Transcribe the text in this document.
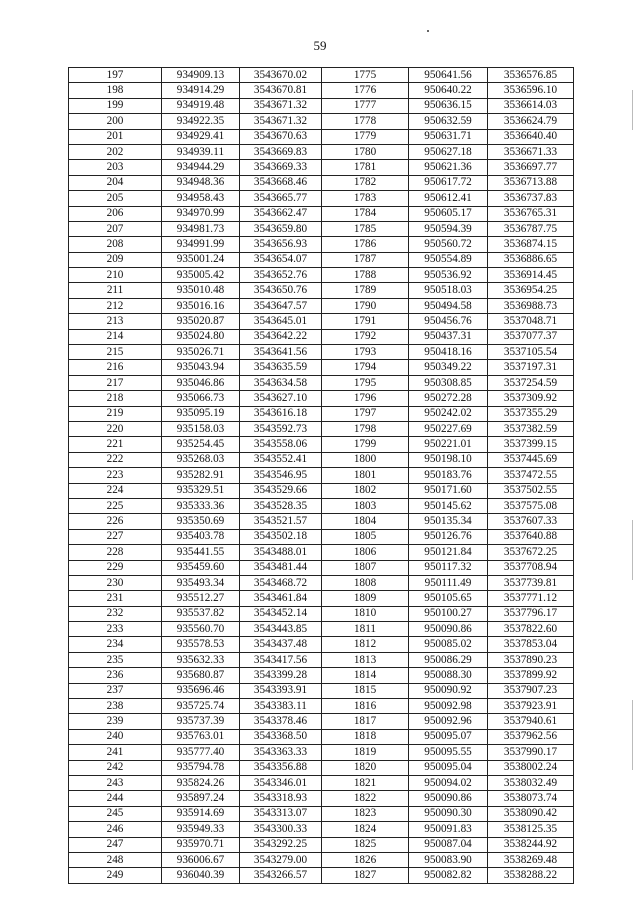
59
197	934909.13	3543670.02	1775	950641.56	3536576.85
198	934914.29	3543670.81	1776	950640.22	3536596.10
199	934919.48	3543671.32	1777	950636.15	3536614.03
200	934922.35	3543671.32	1778	950632.59	3536624.79
201	934929.41	3543670.63	1779	950631.71	3536640.40
202	934939.11	3543669.83	1780	950627.18	3536671.33
203	934944.29	3543669.33	1781	950621.36	3536697.77
204	934948.36	3543668.46	1782	950617.72	3536713.88
205	934958.43	3543665.77	1783	950612.41	3536737.83
206	934970.99	3543662.47	1784	950605.17	3536765.31
207	934981.73	3543659.80	1785	950594.39	3536787.75
208	934991.99	3543656.93	1786	950560.72	3536874.15
209	935001.24	3543654.07	1787	950554.89	3536886.65
210	935005.42	3543652.76	1788	950536.92	3536914.45
211	935010.48	3543650.76	1789	950518.03	3536954.25
212	935016.16	3543647.57	1790	950494.58	3536988.73
213	935020.87	3543645.01	1791	950456.76	3537048.71
214	935024.80	3543642.22	1792	950437.31	3537077.37
215	935026.71	3543641.56	1793	950418.16	3537105.54
216	935043.94	3543635.59	1794	950349.22	3537197.31
217	935046.86	3543634.58	1795	950308.85	3537254.59
218	935066.73	3543627.10	1796	950272.28	3537309.92
219	935095.19	3543616.18	1797	950242.02	3537355.29
220	935158.03	3543592.73	1798	950227.69	3537382.59
221	935254.45	3543558.06	1799	950221.01	3537399.15
222	935268.03	3543552.41	1800	950198.10	3537445.69
223	935282.91	3543546.95	1801	950183.76	3537472.55
224	935329.51	3543529.66	1802	950171.60	3537502.55
225	935333.36	3543528.35	1803	950145.62	3537575.08
226	935350.69	3543521.57	1804	950135.34	3537607.33
227	935403.78	3543502.18	1805	950126.76	3537640.88
228	935441.55	3543488.01	1806	950121.84	3537672.25
229	935459.60	3543481.44	1807	950117.32	3537708.94
230	935493.34	3543468.72	1808	950111.49	3537739.81
231	935512.27	3543461.84	1809	950105.65	3537771.12
232	935537.82	3543452.14	1810	950100.27	3537796.17
233	935560.70	3543443.85	1811	950090.86	3537822.60
234	935578.53	3543437.48	1812	950085.02	3537853.04
235	935632.33	3543417.56	1813	950086.29	3537890.23
236	935680.87	3543399.28	1814	950088.30	3537899.92
237	935696.46	3543393.91	1815	950090.92	3537907.23
238	935725.74	3543383.11	1816	950092.98	3537923.91
239	935737.39	3543378.46	1817	950092.96	3537940.61
240	935763.01	3543368.50	1818	950095.07	3537962.56
241	935777.40	3543363.33	1819	950095.55	3537990.17
242	935794.78	3543356.88	1820	950095.04	3538002.24
243	935824.26	3543346.01	1821	950094.02	3538032.49
244	935897.24	3543318.93	1822	950090.86	3538073.74
245	935914.69	3543313.07	1823	950090.30	3538090.42
246	935949.33	3543300.33	1824	950091.83	3538125.35
247	935970.71	3543292.25	1825	950087.04	3538244.92
248	936006.67	3543279.00	1826	950083.90	3538269.48
249	936040.39	3543266.57	1827	950082.82	3538288.22
